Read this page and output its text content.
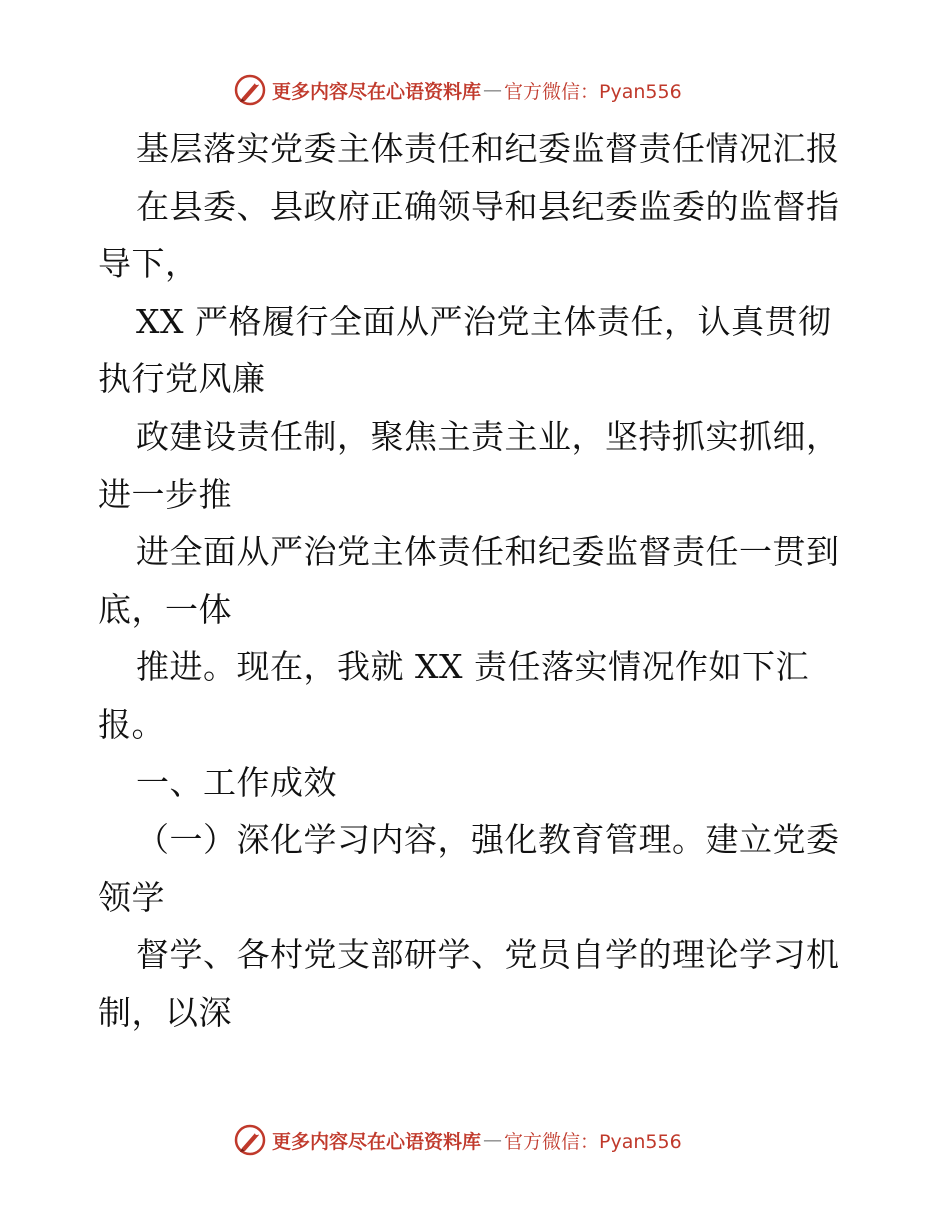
更多内容尽在心语资料库 — 官方微信：Pyan556
基层落实党委主体责任和纪委监督责任情况汇报
在县委、县政府正确领导和县纪委监委的监督指
导下，
XX 严格履行全面从严治党主体责任，认真贯彻
执行党风廉
政建设责任制，聚焦主责主业，坚持抓实抓细，
进一步推
进全面从严治党主体责任和纪委监督责任一贯到
底，一体
推进。现在，我就 XX 责任落实情况作如下汇
报。
一、工作成效
（一）深化学习内容，强化教育管理。建立党委
领学
督学、各村党支部研学、党员自学的理论学习机
制，以深
更多内容尽在心语资料库 — 官方微信：Pyan556
